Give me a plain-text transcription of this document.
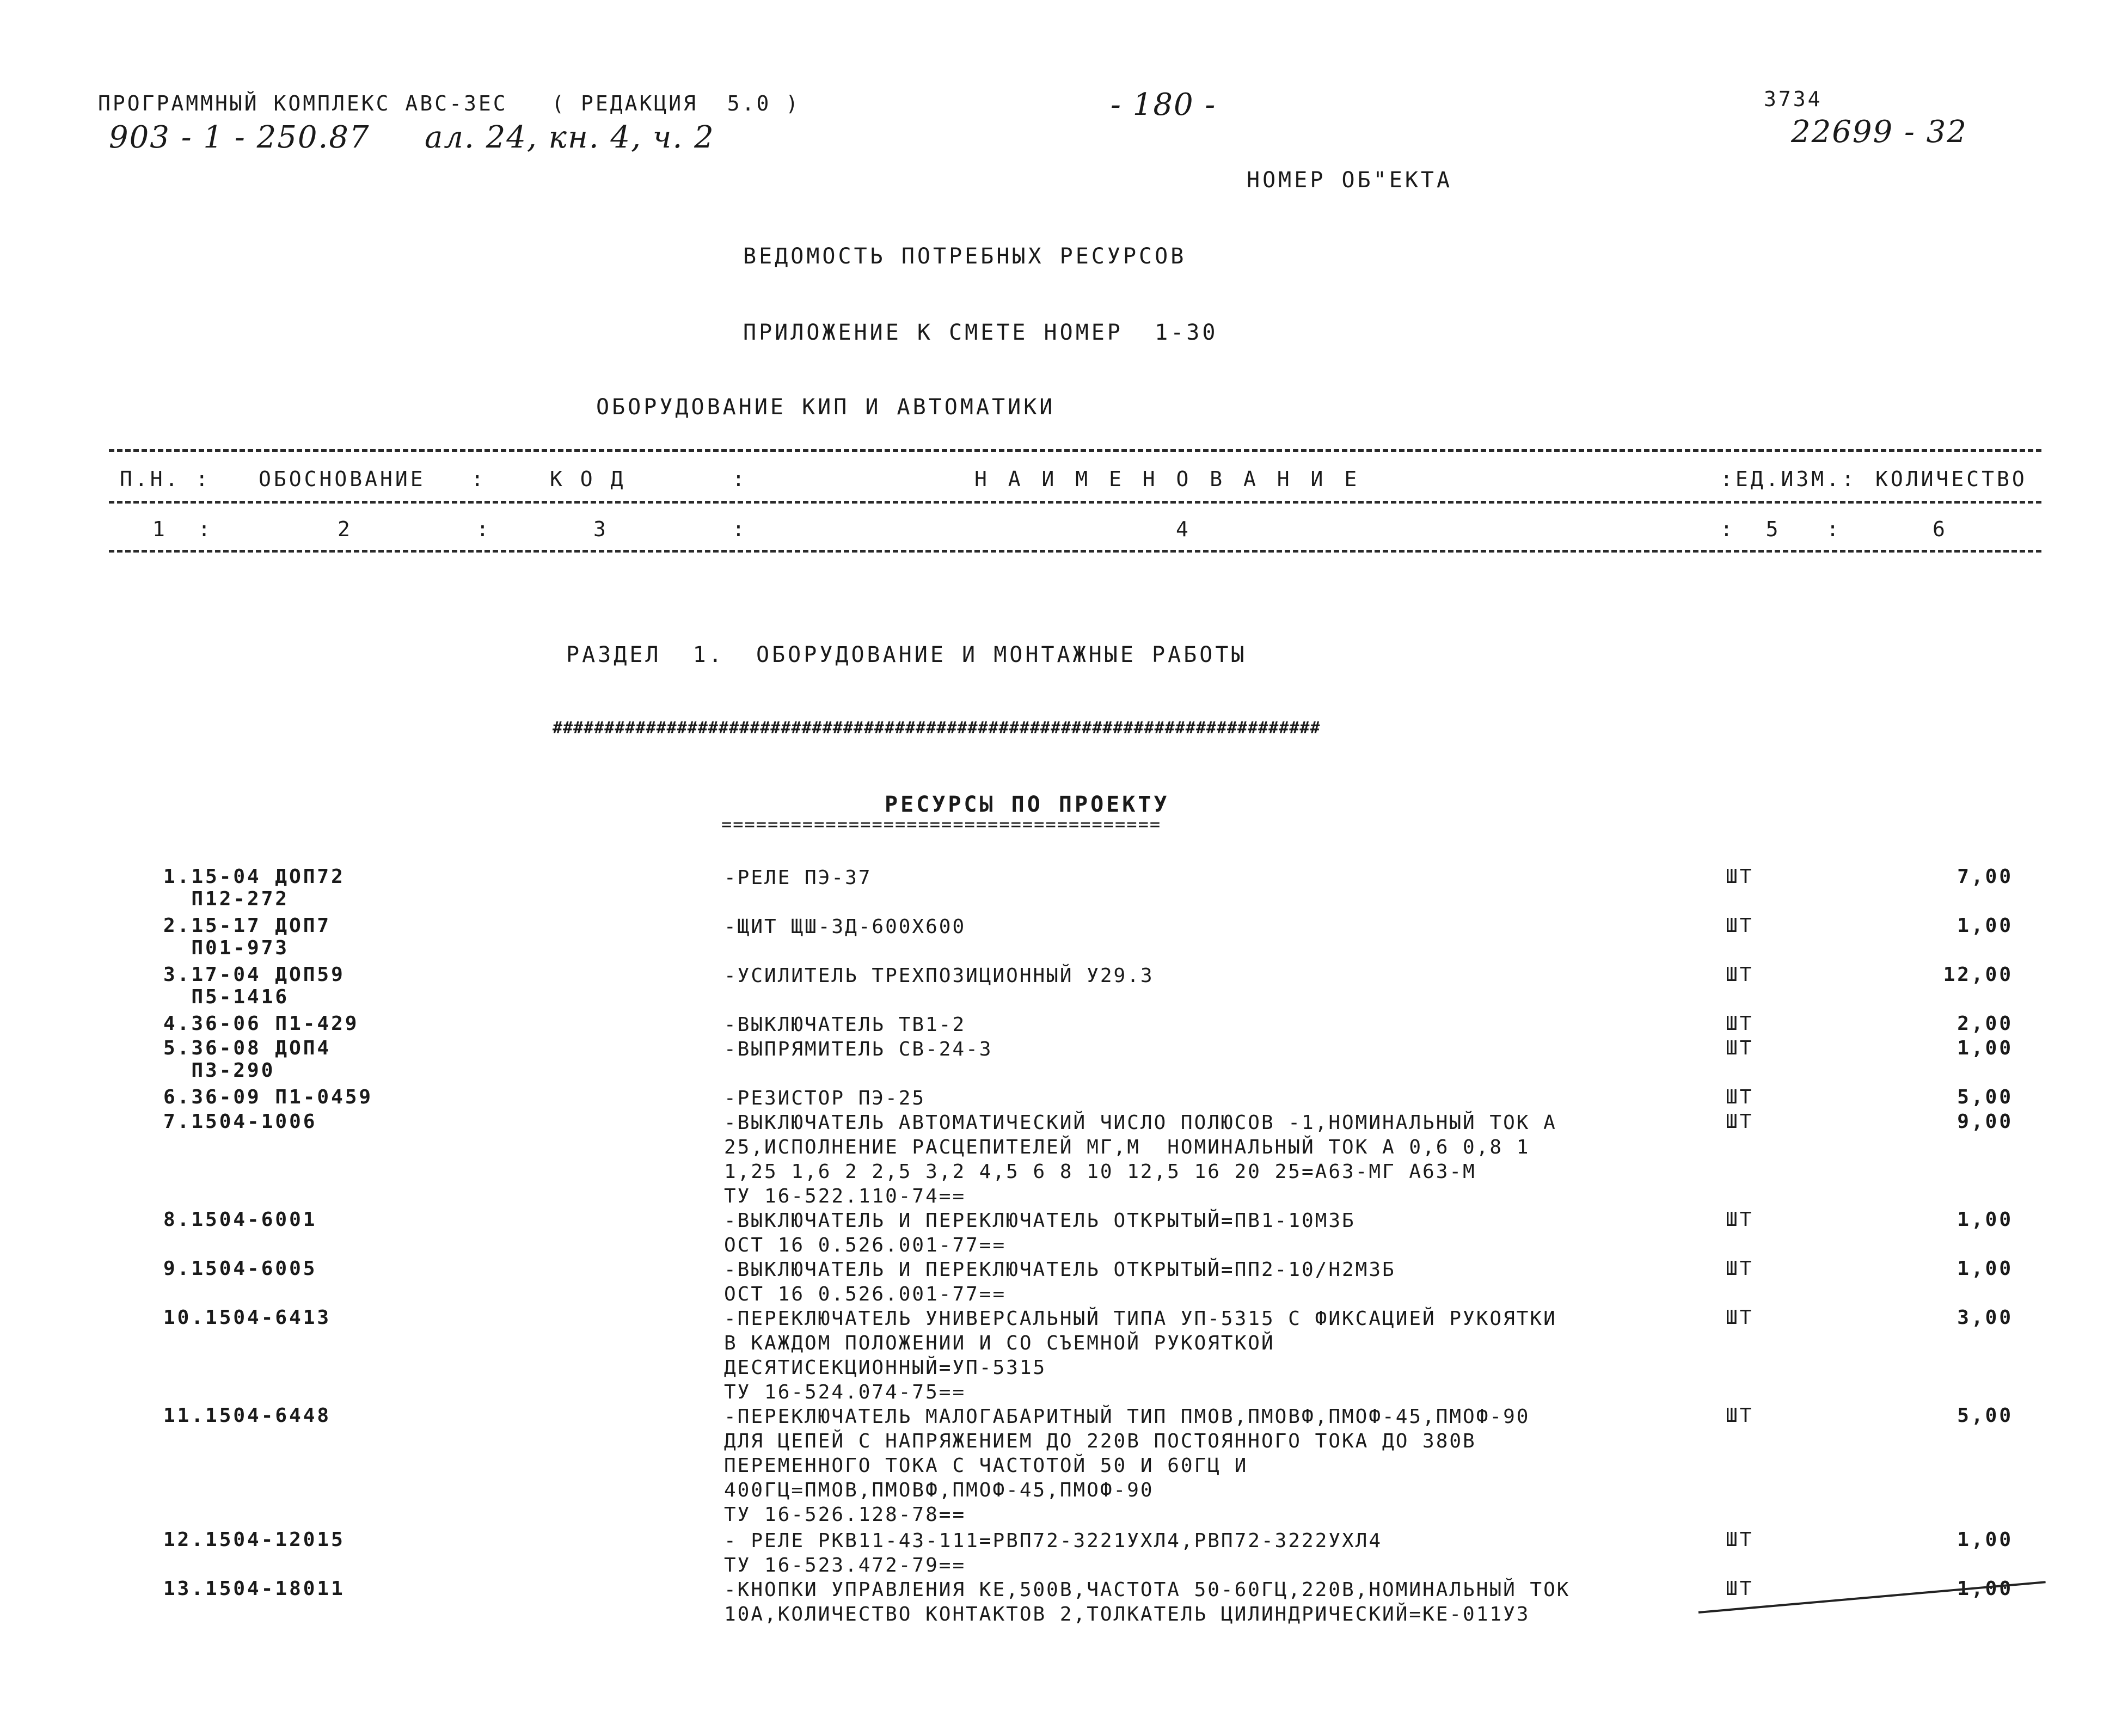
ПРОГРАММНЫЙ КОМПЛЕКС АВС-3ЕС   ( РЕДАКЦИЯ  5.0 )
903 - 1 - 250.87 ал. 24, кн. 4, ч. 2
- 180 -	3734
22699 - 32
НОМЕР ОБ"ЕКТА
ВЕДОМОСТЬ ПОТРЕБНЫХ РЕСУРСОВ
ПРИЛОЖЕНИЕ К СМЕТЕ НОМЕР  1-30
ОБОРУДОВАНИЕ КИП И АВТОМАТИКИ
П.Н. : ОБОСНОВАНИЕ   :	К О Д	:	Н А И М Е Н О В А Н И Е	:ЕД.ИЗМ.: КОЛИЧЕСТВО
1  :	2	:	3	:	4	:  5   :	6
РАЗДЕЛ  1.  ОБОРУДОВАНИЕ И МОНТАЖНЫЕ РАБОТЫ
##########################################################################
РЕСУРСЫ ПО ПРОЕКТУ
======================================
1.15-04 ДОП72
П12-272
-РЕЛЕ ПЭ-37	ШТ	7,00
2.15-17 ДОП7
П01-973
-ЩИТ ЩШ-ЗД-600Х600	ШТ	1,00
3.17-04 ДОП59
П5-1416
-УСИЛИТЕЛЬ ТРЕХПОЗИЦИОННЫЙ У29.3	ШТ	12,00
4.36-06 П1-429	-ВЫКЛЮЧАТЕЛЬ ТВ1-2	ШТ	2,00
5.36-08 ДОП4
П3-290
-ВЫПРЯМИТЕЛЬ СВ-24-3	ШТ	1,00
6.36-09 П1-0459	-РЕЗИСТОР ПЭ-25	ШТ	5,00
7.1504-1006	-ВЫКЛЮЧАТЕЛЬ АВТОМАТИЧЕСКИЙ ЧИСЛО ПОЛЮСОВ -1,НОМИНАЛЬНЫЙ ТОК А
25,ИСПОЛНЕНИЕ РАСЦЕПИТЕЛЕЙ МГ,М  НОМИНАЛЬНЫЙ ТОК А 0,6 0,8 1
1,25 1,6 2 2,5 3,2 4,5 6 8 10 12,5 16 20 25=А63-МГ А63-М
ТУ 16-522.110-74==
ШТ	9,00
8.1504-6001	-ВЫКЛЮЧАТЕЛЬ И ПЕРЕКЛЮЧАТЕЛЬ ОТКРЫТЫЙ=ПВ1-10МЗБ
ОСТ 16 0.526.001-77==
ШТ	1,00
9.1504-6005	-ВЫКЛЮЧАТЕЛЬ И ПЕРЕКЛЮЧАТЕЛЬ ОТКРЫТЫЙ=ПП2-10/Н2МЗБ
ОСТ 16 0.526.001-77==
ШТ	1,00
10.1504-6413	-ПЕРЕКЛЮЧАТЕЛЬ УНИВЕРСАЛЬНЫЙ ТИПА УП-5315 С ФИКСАЦИЕЙ РУКОЯТКИ
В КАЖДОМ ПОЛОЖЕНИИ И СО СЪЕМНОЙ РУКОЯТКОЙ
ДЕСЯТИСЕКЦИОННЫЙ=УП-5315
ТУ 16-524.074-75==
ШТ	3,00
11.1504-6448	-ПЕРЕКЛЮЧАТЕЛЬ МАЛОГАБАРИТНЫЙ ТИП ПМОВ,ПМОВФ,ПМОФ-45,ПМОФ-90
ДЛЯ ЦЕПЕЙ С НАПРЯЖЕНИЕМ ДО 220В ПОСТОЯННОГО ТОКА ДО 380В
ПЕРЕМЕННОГО ТОКА С ЧАСТОТОЙ 50 И 60ГЦ И
400ГЦ=ПМОВ,ПМОВФ,ПМОФ-45,ПМОФ-90
ТУ 16-526.128-78==
ШТ	5,00
12.1504-12015	- РЕЛЕ РКВ11-43-111=РВП72-3221УХЛ4,РВП72-3222УХЛ4
ТУ 16-523.472-79==
ШТ	1,00
13.1504-18011	-КНОПКИ УПРАВЛЕНИЯ КЕ,500В,ЧАСТОТА 50-60ГЦ,220В,НОМИНАЛЬНЫЙ ТОК
10А,КОЛИЧЕСТВО КОНТАКТОВ 2,ТОЛКАТЕЛЬ ЦИЛИНДРИЧЕСКИЙ=КЕ-011УЗ
ШТ	1,00
